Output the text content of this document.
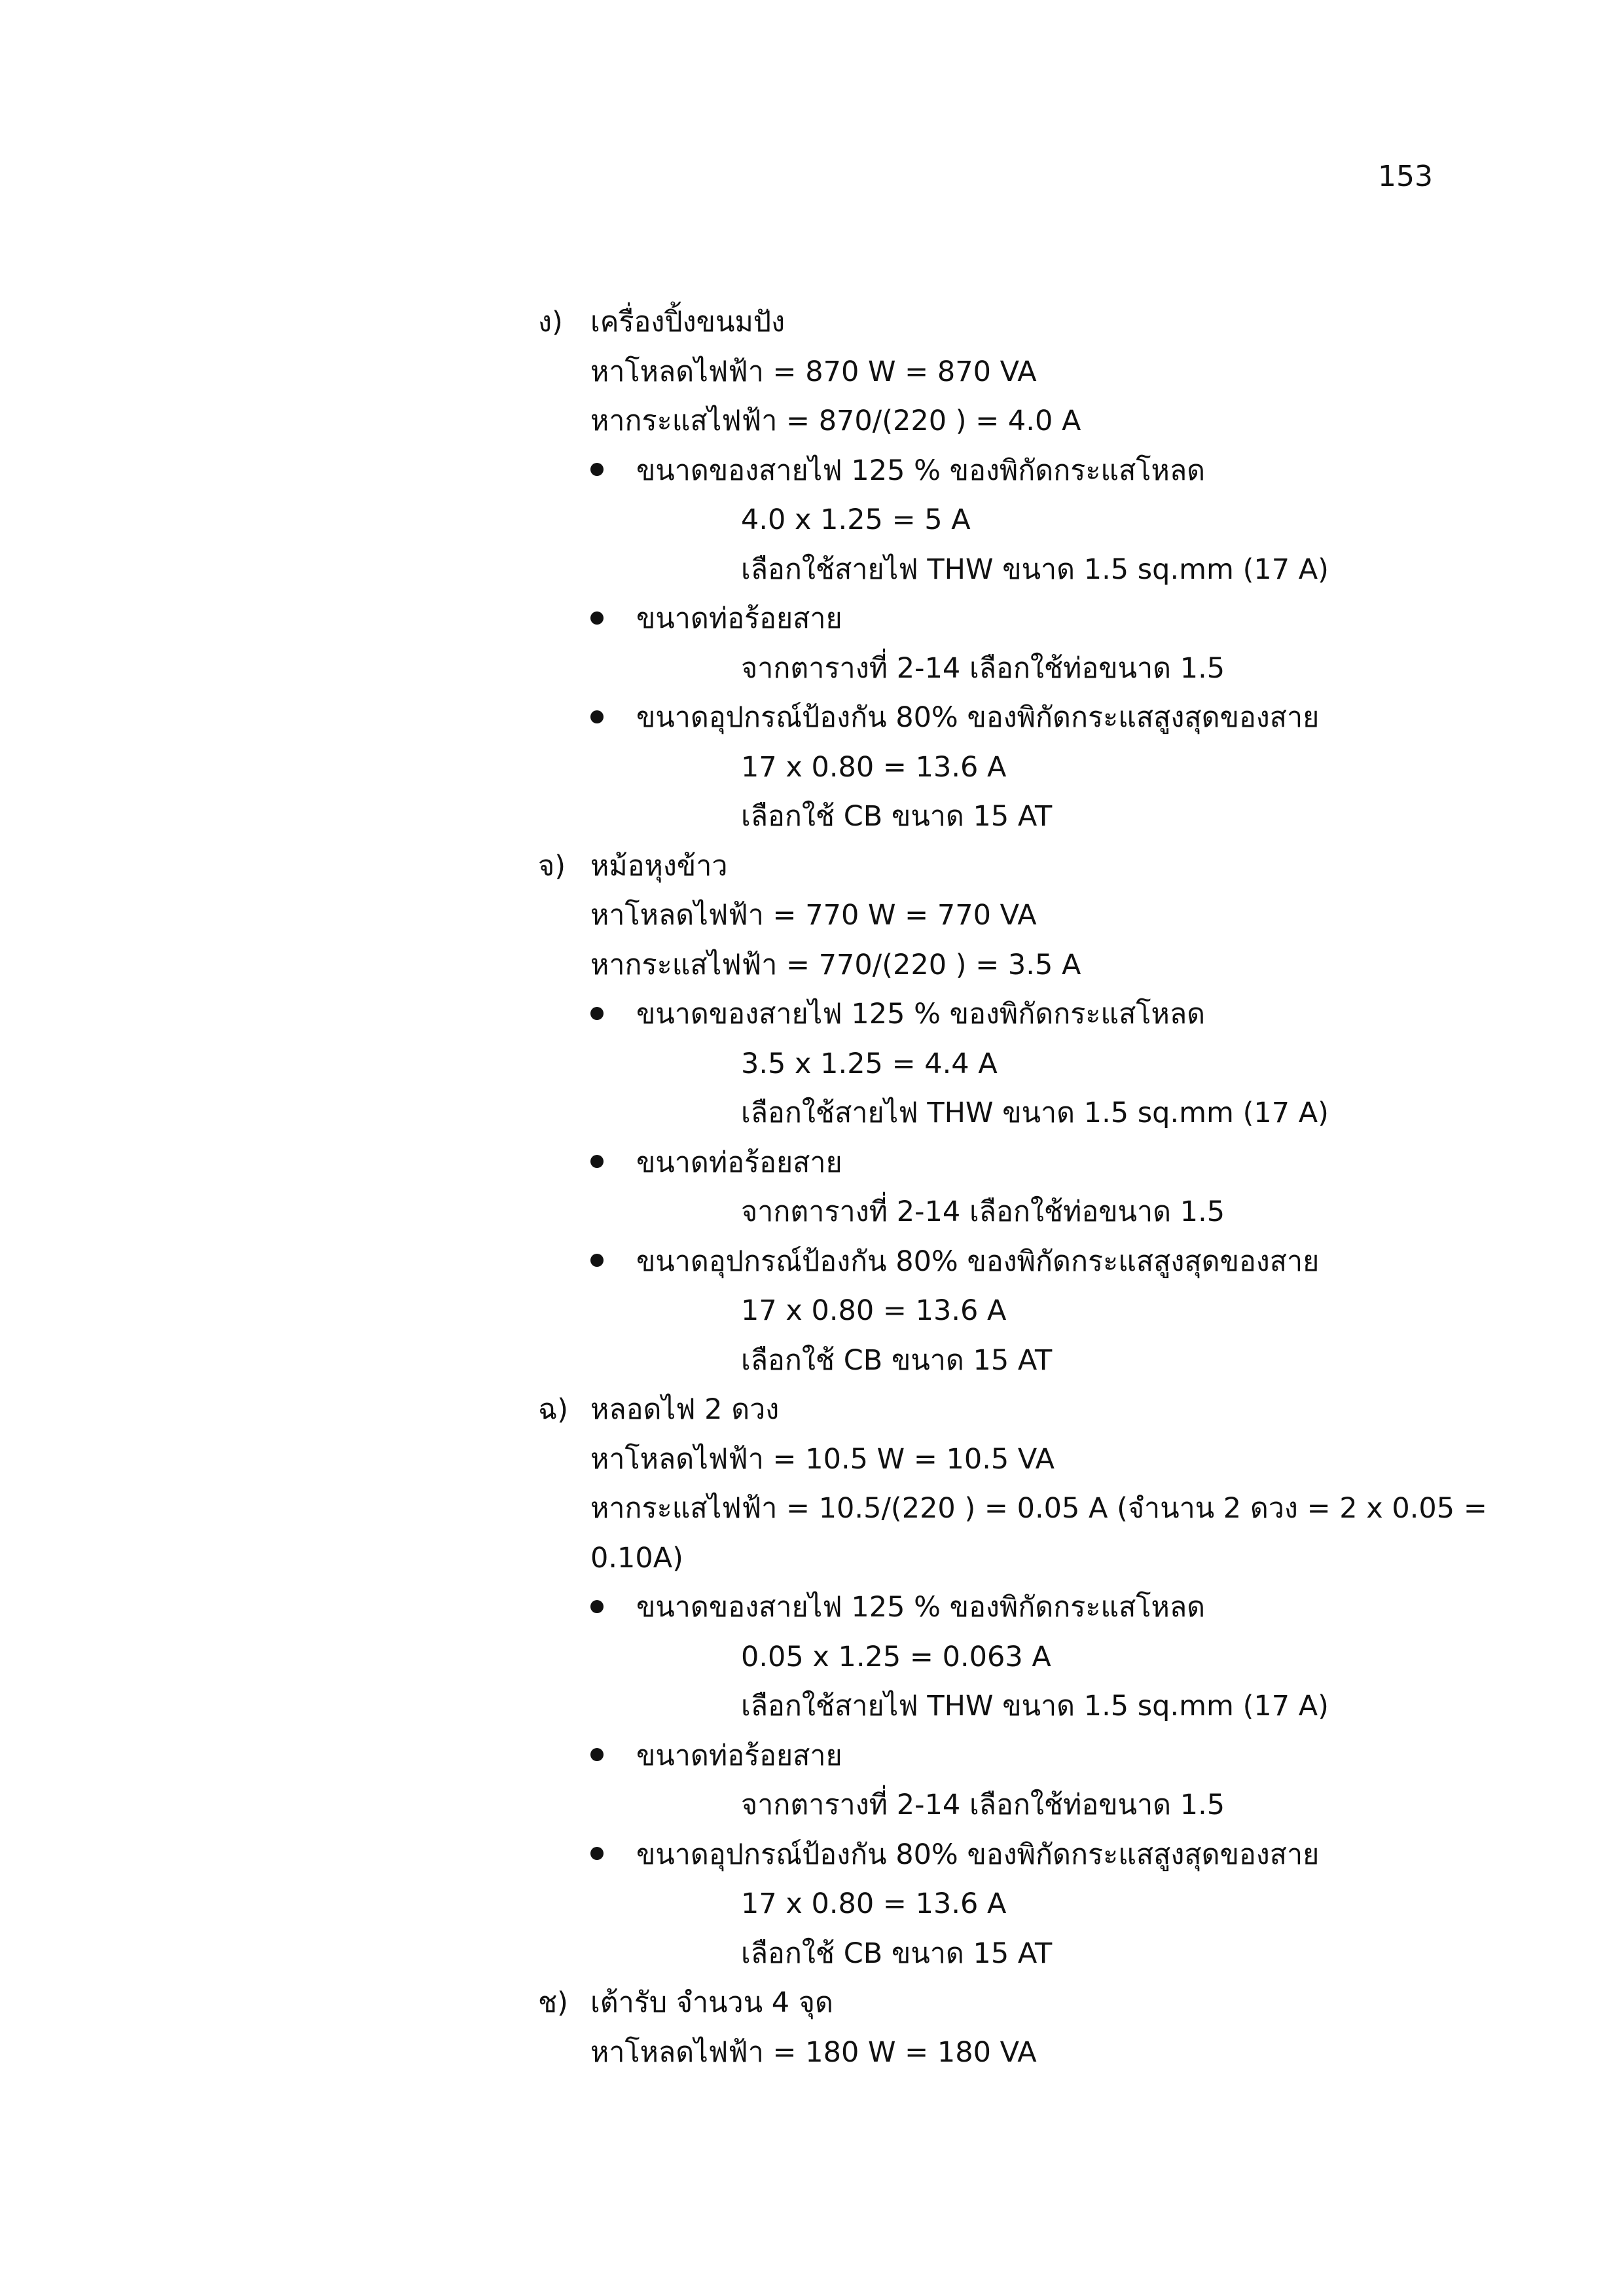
153
ง) เครื่องปิ้งขนมปัง
หาโหลดไฟฟ้า = 870 W = 870 VA
หากระแสไฟฟ้า = 870/(220 ) = 4.0 A
ขนาดของสายไฟ 125 % ของพิกัดกระแสโหลด
4.0 x 1.25 = 5 A
เลือกใช้สายไฟ THW ขนาด 1.5 sq.mm (17 A)
ขนาดท่อร้อยสาย
จากตารางที่ 2-14 เลือกใช้ท่อขนาด 1.5
ขนาดอุปกรณ์ป้องกัน 80% ของพิกัดกระแสสูงสุดของสาย
17 x 0.80 = 13.6 A
เลือกใช้ CB ขนาด 15 AT
จ) หม้อหุงข้าว
หาโหลดไฟฟ้า = 770 W = 770 VA
หากระแสไฟฟ้า = 770/(220 ) = 3.5 A
ขนาดของสายไฟ 125 % ของพิกัดกระแสโหลด
3.5 x 1.25 = 4.4 A
เลือกใช้สายไฟ THW ขนาด 1.5 sq.mm (17 A)
ขนาดท่อร้อยสาย
จากตารางที่ 2-14 เลือกใช้ท่อขนาด 1.5
ขนาดอุปกรณ์ป้องกัน 80% ของพิกัดกระแสสูงสุดของสาย
17 x 0.80 = 13.6 A
เลือกใช้ CB ขนาด 15 AT
ฉ) หลอดไฟ 2 ดวง
หาโหลดไฟฟ้า = 10.5 W = 10.5 VA
หากระแสไฟฟ้า = 10.5/(220 ) = 0.05 A (จำนาน 2 ดวง = 2 x 0.05 =
0.10A)
ขนาดของสายไฟ 125 % ของพิกัดกระแสโหลด
0.05 x 1.25 = 0.063 A
เลือกใช้สายไฟ THW ขนาด 1.5 sq.mm (17 A)
ขนาดท่อร้อยสาย
จากตารางที่ 2-14 เลือกใช้ท่อขนาด 1.5
ขนาดอุปกรณ์ป้องกัน 80% ของพิกัดกระแสสูงสุดของสาย
17 x 0.80 = 13.6 A
เลือกใช้ CB ขนาด 15 AT
ช) เต้ารับ จำนวน 4 จุด
หาโหลดไฟฟ้า = 180 W = 180 VA
